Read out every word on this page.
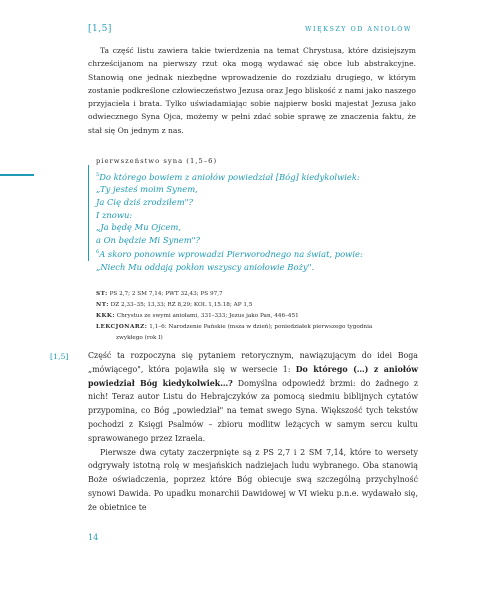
[1,5]	WIĘKSZY OD ANIOŁÓW

Ta część listu zawiera takie twierdzenia na temat Chrystusa, które dzisiejszym chrześcijanom na pierwszy rzut oka mogą wydawać się obce lub abstrakcyjne. Stanowią one jednak niezbędne wprowadzenie do rozdziału drugiego, w którym zostanie podkreślone człowieczeństwo Jezusa oraz Jego bliskość z nami jako naszego przyjaciela i brata. Tylko uświadamiając sobie najpierw boski majestat Jezusa jako odwiecznego Syna Ojca, możemy w pełni zdać sobie sprawę ze znaczenia faktu, że stał się On jednym z nas.

pierwszeństwo syna (1,5–6)
$^5$Do którego bowiem z aniołów powiedział [Bóg] kiedykolwiek:
„Ty jesteś moim Synem,
Ja Cię dziś zrodziłem"?
I znowu:
„Ja będę Mu Ojcem,
a On będzie Mi Synem"?
$^6$A skoro ponownie wprowadzi Pierworodnego na świat, powie:
„Niech Mu oddają pokłon wszyscy aniołowie Boży".
ST: PS 2,7; 2 SM 7,14; PWT 32,43; PS 97,7
NT: DZ 2,33–35; 13,33; RZ 8,29; KOL 1,15.18; AP 1,5
KKK: Chrystus ze swymi aniołami, 331–333; Jezus jako Pan, 446–451
LEKCJONARZ: 1,1–6: Narodzenie Pańskie (msza w dzień); poniedziałek pierwszego tygodnia
zwykłego (rok I)
[1,5] Część ta rozpoczyna się pytaniem retorycznym, nawiązującym do idei Boga „mówiącego", która pojawiła się w wersecie 1: Do którego (…) z aniołów powiedział Bóg kiedykolwiek…? Domyślna odpowiedź brzmi: do żadnego z nich! Teraz autor Listu do Hebrajczyków za pomocą siedmiu biblijnych cytatów przypomina, co Bóg „powiedział" na temat swego Syna. Większość tych tekstów pochodzi z Księgi Psalmów – zbioru modlitw leżących w samym sercu kultu sprawowanego przez Izraela.
Pierwsze dwa cytaty zaczerpnięte są z PS 2,7 i 2 SM 7,14, które to wersety odgrywały istotną rolę w mesjańskich nadziejach ludu wybranego. Oba stanowią Boże oświadczenia, poprzez które Bóg obiecuje swą szczególną przychylność synowi Dawida. Po upadku monarchii Dawidowej w VI wieku p.n.e. wydawało się, że obietnice te

14
